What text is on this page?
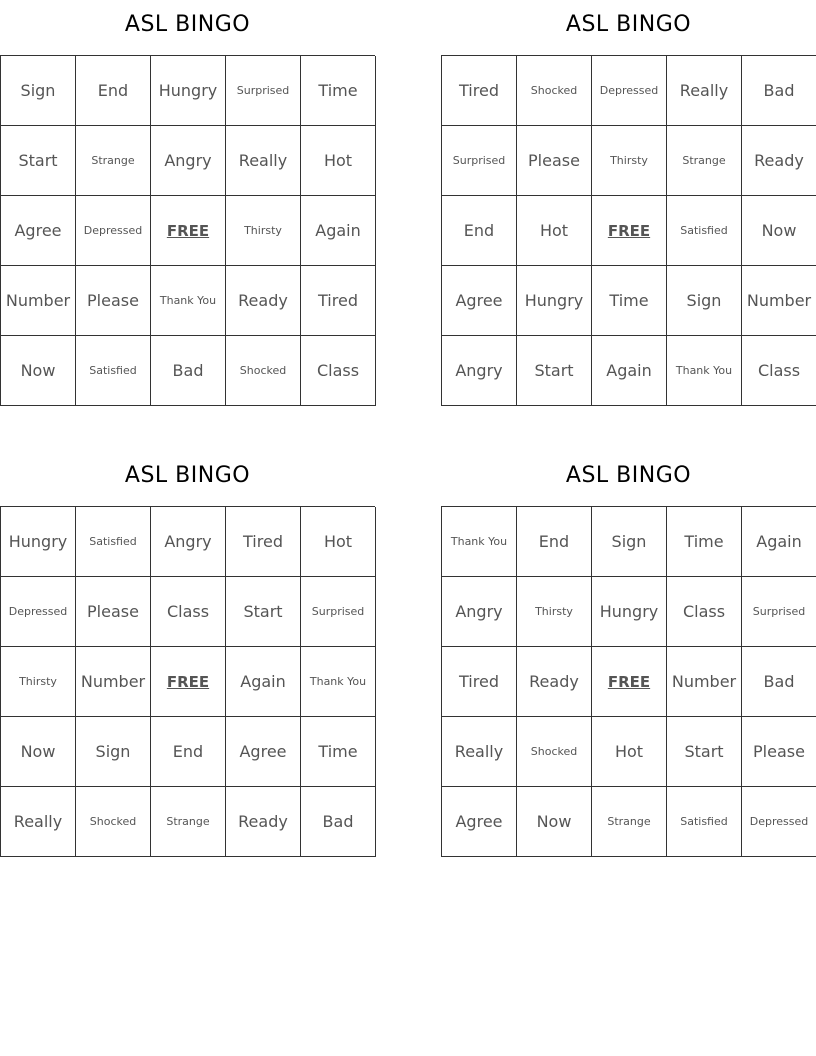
ASL BINGO
Sign	End	Hungry	Surprised	Time
Start	Strange	Angry	Really	Hot
Agree	Depressed	FREE	Thirsty	Again
Number	Please	Thank You	Ready	Tired
Now	Satisfied	Bad	Shocked	Class
ASL BINGO
Tired	Shocked	Depressed	Really	Bad
Surprised	Please	Thirsty	Strange	Ready
End	Hot	FREE	Satisfied	Now
Agree	Hungry	Time	Sign	Number
Angry	Start	Again	Thank You	Class
ASL BINGO
Hungry	Satisfied	Angry	Tired	Hot
Depressed	Please	Class	Start	Surprised
Thirsty	Number	FREE	Again	Thank You
Now	Sign	End	Agree	Time
Really	Shocked	Strange	Ready	Bad
ASL BINGO
Thank You	End	Sign	Time	Again
Angry	Thirsty	Hungry	Class	Surprised
Tired	Ready	FREE	Number	Bad
Really	Shocked	Hot	Start	Please
Agree	Now	Strange	Satisfied	Depressed
